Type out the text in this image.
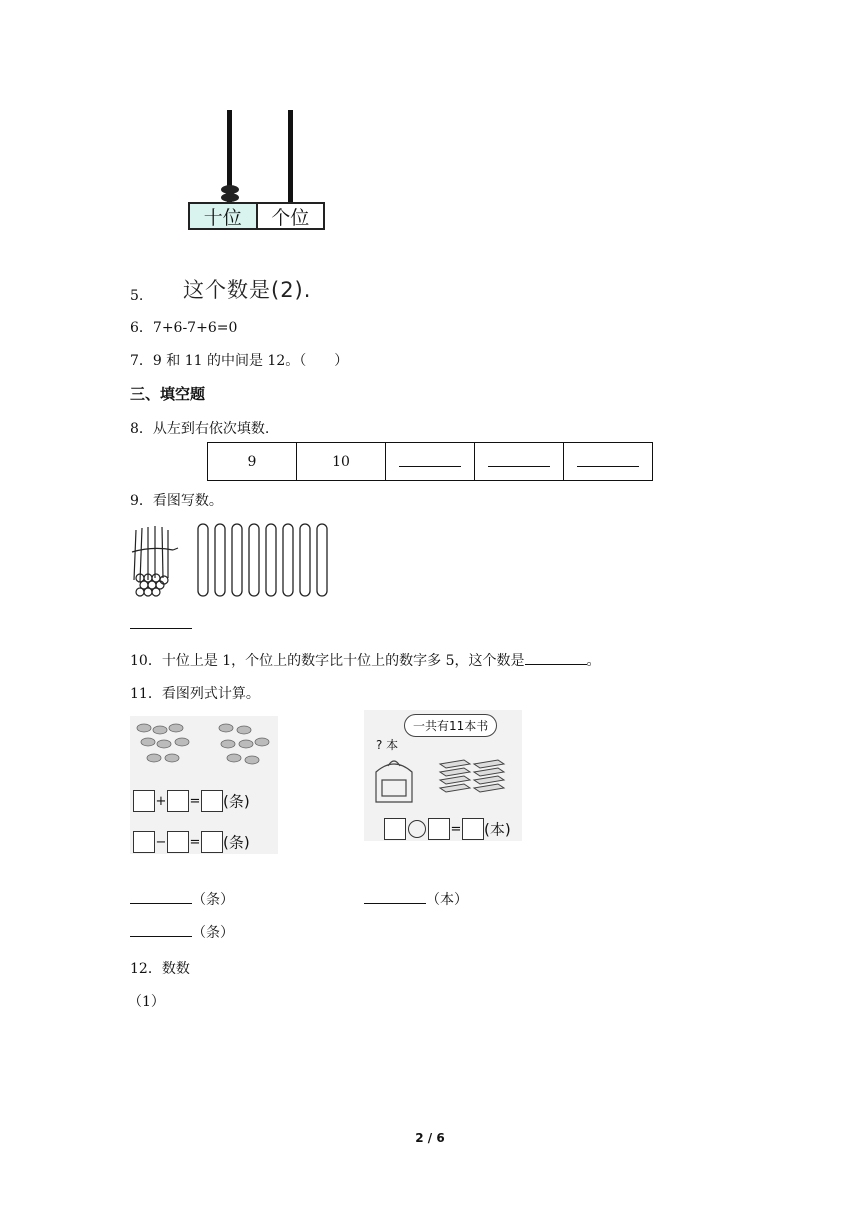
十位	个位
5. 这个数是(2).
6．7+6-7+6=0
7．9 和 11 的中间是 12。（　　）
三、填空题
8．从左到右依次填数.
9	10			
9．看图写数。
10．十位上是 1，个位上的数字比十位上的数字多 5，这个数是	。
11．看图列式计算。
+ = (条)
− = (条)
一共有11本书
? 本
= (本)
（条）	（本）
（条）
12．数数
（1）
2 / 6
